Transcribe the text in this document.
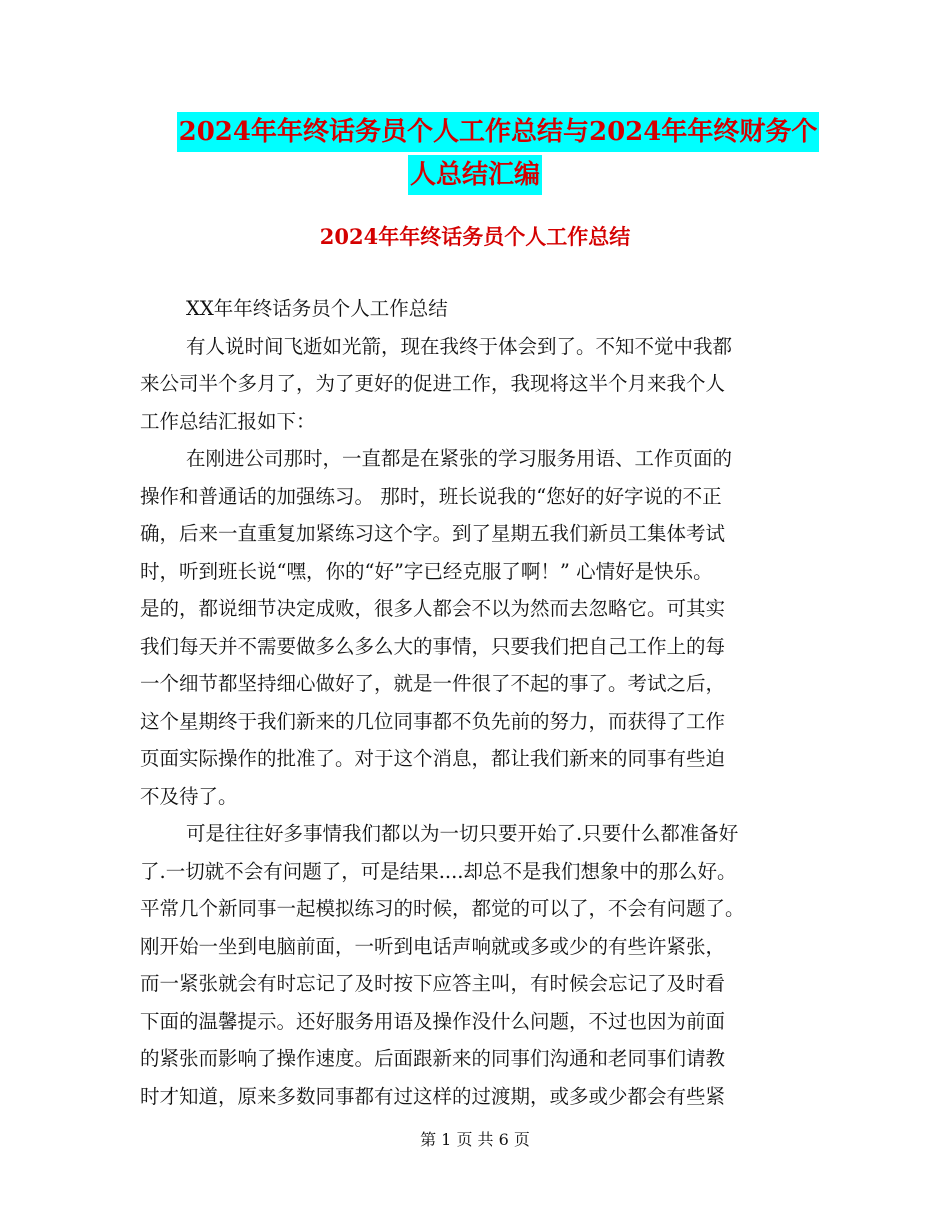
2024年年终话务员个人工作总结与2024年年终财务个
人总结汇编
2024年年终话务员个人工作总结

XX年年终话务员个人工作总结

有人说时间飞逝如光箭，现在我终于体会到了。不知不觉中我都
来公司半个多月了，为了更好的促进工作，我现将这半个月来我个人
工作总结汇报如下：

在刚进公司那时，一直都是在紧张的学习服务用语、工作页面的
操作和普通话的加强练习。 那时，班长说我的“您好的好字说的不正
确，后来一直重复加紧练习这个字。到了星期五我们新员工集体考试
时，听到班长说“嘿，你的“好”字已经克服了啊！” 心情好是快乐。
是的，都说细节决定成败，很多人都会不以为然而去忽略它。可其实
我们每天并不需要做多么多么大的事情，只要我们把自己工作上的每
一个细节都坚持细心做好了，就是一件很了不起的事了。考试之后，
这个星期终于我们新来的几位同事都不负先前的努力，而获得了工作
页面实际操作的批准了。对于这个消息，都让我们新来的同事有些迫
不及待了。

可是往往好多事情我们都以为一切只要开始了.只要什么都准备好
了.一切就不会有问题了，可是结果....却总不是我们想象中的那么好。
平常几个新同事一起模拟练习的时候，都觉的可以了，不会有问题了。
刚开始一坐到电脑前面，一听到电话声响就或多或少的有些许紧张，
而一紧张就会有时忘记了及时按下应答主叫，有时候会忘记了及时看
下面的温馨提示。还好服务用语及操作没什么问题，不过也因为前面
的紧张而影响了操作速度。后面跟新来的同事们沟通和老同事们请教
时才知道，原来多数同事都有过这样的过渡期，或多或少都会有些紧

第 1 页 共 6 页
